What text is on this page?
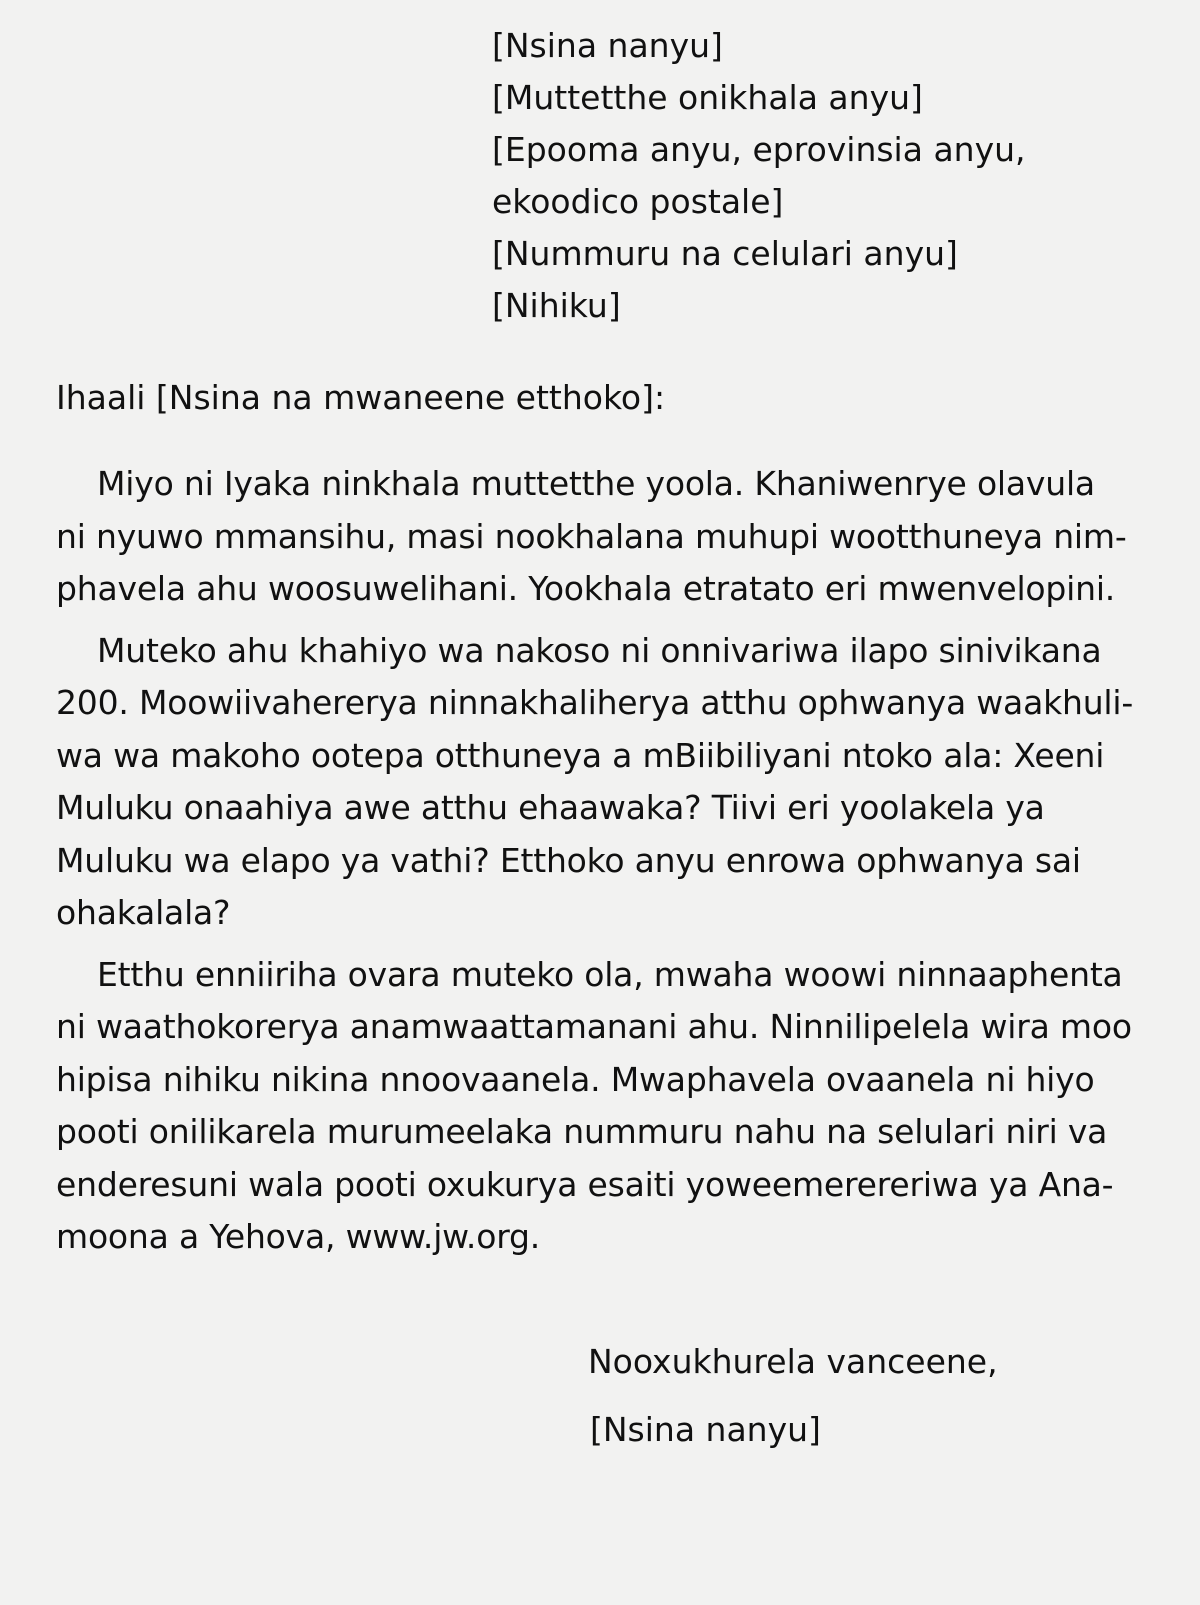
[Nsina nanyu]
[Muttetthe onikhala anyu]
[Epooma anyu, eprovinsia anyu,
ekoodico postale]
[Nummuru na celulari anyu]
[Nihiku]
Ihaali [Nsina na mwaneene etthoko]:
Miyo ni Iyaka ninkhala muttetthe yoola. Khaniwenrye olavula
ni nyuwo mmansihu, masi nookhalana muhupi wootthuneya nim-
phavela ahu woosuwelihani. Yookhala etratato eri mwenvelopini.
Muteko ahu khahiyo wa nakoso ni onnivariwa ilapo sinivikana
200. Moowiivahererya ninnakhaliherya atthu ophwanya waakhuli-
wa wa makoho ootepa otthuneya a mBiibiliyani ntoko ala: Xeeni
Muluku onaahiya awe atthu ehaawaka? Tiivi eri yoolakela ya
Muluku wa elapo ya vathi? Etthoko anyu enrowa ophwanya sai
ohakalala?
Etthu enniiriha ovara muteko ola, mwaha woowi ninnaaphenta
ni waathokorerya anamwaattamanani ahu. Ninnilipelela wira moo
hipisa nihiku nikina nnoovaanela. Mwaphavela ovaanela ni hiyo
pooti onilikarela murumeelaka nummuru nahu na selulari niri va
enderesuni wala pooti oxukurya esaiti yoweemerereriwa ya Ana-
moona a Yehova, www.jw.org.
Nooxukhurela vanceene,
[Nsina nanyu]
